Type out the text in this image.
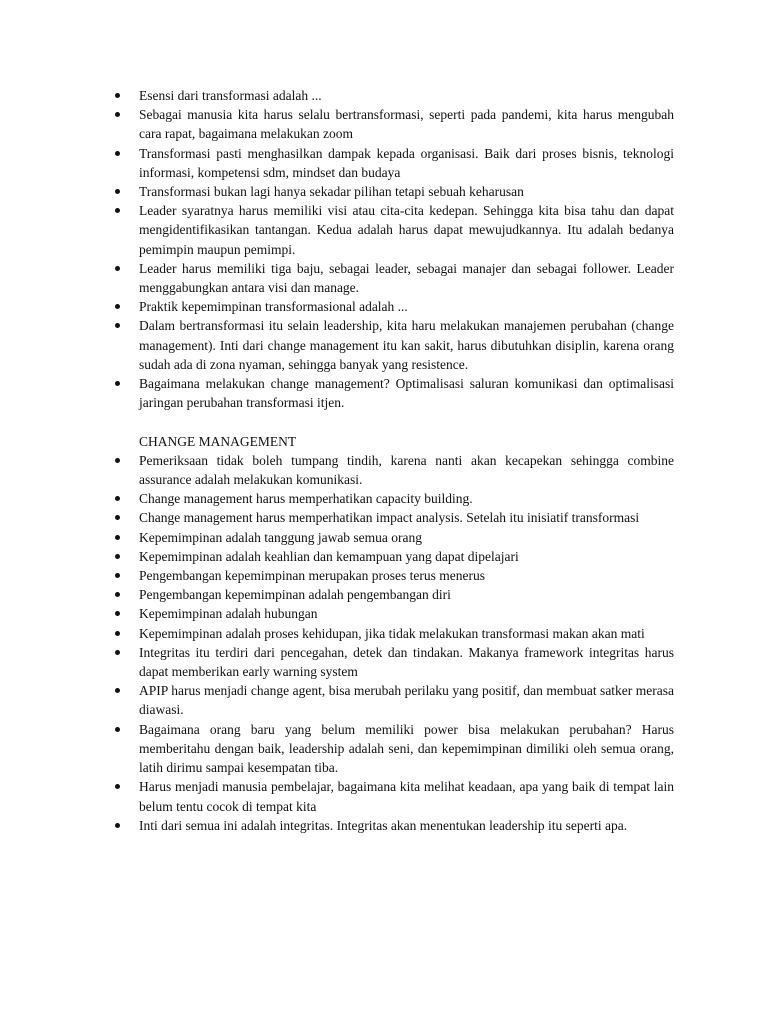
Esensi dari transformasi adalah ...
Sebagai manusia kita harus selalu bertransformasi, seperti pada pandemi, kita harus mengubah cara rapat, bagaimana melakukan zoom
Transformasi pasti menghasilkan dampak kepada organisasi. Baik dari proses bisnis, teknologi informasi, kompetensi sdm, mindset dan budaya
Transformasi bukan lagi hanya sekadar pilihan tetapi sebuah keharusan
Leader syaratnya harus memiliki visi atau cita-cita kedepan. Sehingga kita bisa tahu dan dapat mengidentifikasikan tantangan. Kedua adalah harus dapat mewujudkannya. Itu adalah bedanya pemimpin maupun pemimpi.
Leader harus memiliki tiga baju, sebagai leader, sebagai manajer dan sebagai follower. Leader menggabungkan antara visi dan manage.
Praktik kepemimpinan transformasional adalah ...
Dalam bertransformasi itu selain leadership, kita haru melakukan manajemen perubahan (change management). Inti dari change management itu kan sakit, harus dibutuhkan disiplin, karena orang sudah ada di zona nyaman, sehingga banyak yang resistence.
Bagaimana melakukan change management? Optimalisasi saluran komunikasi dan optimalisasi jaringan perubahan transformasi itjen.
CHANGE MANAGEMENT
Pemeriksaan tidak boleh tumpang tindih, karena nanti akan kecapekan sehingga combine assurance adalah melakukan komunikasi.
Change management harus memperhatikan capacity building.
Change management harus memperhatikan impact analysis. Setelah itu inisiatif transformasi
Kepemimpinan adalah tanggung jawab semua orang
Kepemimpinan adalah keahlian dan kemampuan yang dapat dipelajari
Pengembangan kepemimpinan merupakan proses terus menerus
Pengembangan kepemimpinan adalah pengembangan diri
Kepemimpinan adalah hubungan
Kepemimpinan adalah proses kehidupan, jika tidak melakukan transformasi makan akan mati
Integritas itu terdiri dari pencegahan, detek dan tindakan. Makanya framework integritas harus dapat memberikan early warning system
APIP harus menjadi change agent, bisa merubah perilaku yang positif, dan membuat satker merasa diawasi.
Bagaimana orang baru yang belum memiliki power bisa melakukan perubahan? Harus memberitahu dengan baik, leadership adalah seni, dan kepemimpinan dimiliki oleh semua orang, latih dirimu sampai kesempatan tiba.
Harus menjadi manusia pembelajar, bagaimana kita melihat keadaan, apa yang baik di tempat lain belum tentu cocok di tempat kita
Inti dari semua ini adalah integritas. Integritas akan menentukan leadership itu seperti apa.
